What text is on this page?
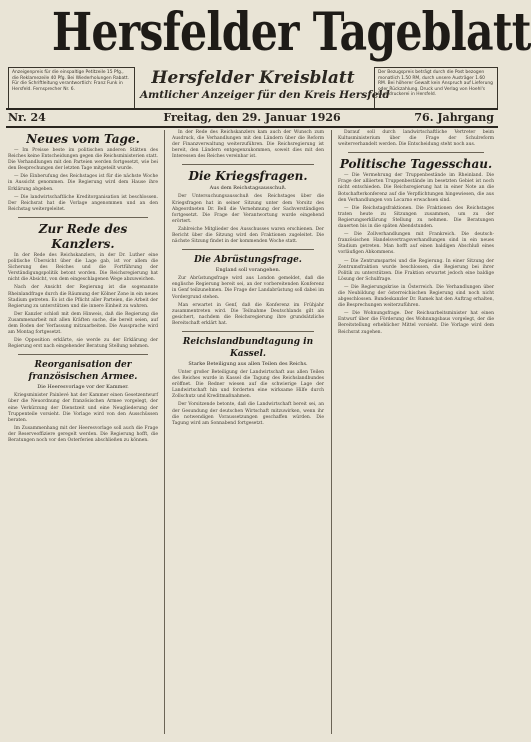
Hersfelder Tageblatt
Anzeigenpreis für die einspaltige Petitzeile 15 Pfg., die Reklamezeile 40 Pfg. Bei Wiederholungen Rabatt. Für die Schriftleitung verantwortlich: Franz Funk in Hersfeld. Fernsprecher Nr. 6.
Hersfelder Kreisblatt
Amtlicher Anzeiger für den Kreis Hersfeld
Der Bezugspreis beträgt durch die Post bezogen monatlich 1.50 RM, durch unsere Austräger 1.60 RM. Bei höherer Gewalt kein Anspruch auf Lieferung oder Rückzahlung. Druck und Verlag von Hoehl's Buchdruckerei in Hersfeld.
Nr. 24	Freitag, den 29. Januar 1926	76. Jahrgang
Neues vom Tage.

— Im Preisse beste im politischen anderen Stätten des Reiches keine Entscheidungen gegen die Reichsministerien statt. Die Verhandlungen mit den Parteien werden fortgesetzt, wie bei den Besprechungen der letzten Tage mitgeteilt wurde.

— Die Einberufung des Reichstages ist für die nächste Woche in Aussicht genommen. Die Regierung wird dem Hause ihre Erklärung abgeben.

— Die landwirtschaftliche Kreditorganisation ist beschlossen. Der Reichsrat hat die Vorlage angenommen und an den Reichstag weitergeleitet.

Zur Rede des Kanzlers.

In der Rede des Reichskanzlers, in der Dr. Luther eine politische Übersicht über die Lage gab, ist vor allem die Sicherung des Reiches und die Fortführung der Verständigungspolitik betont worden. Die Reichsregierung hat nicht die Absicht, von dem eingeschlagenen Wege abzuweichen.

Nach der Ansicht der Regierung ist die sogenannte Rheinlandfrage durch die Räumung der Kölner Zone in ein neues Stadium getreten. Es ist die Pflicht aller Parteien, die Arbeit der Regierung zu unterstützen und die innere Einheit zu wahren.

Der Kanzler schloß mit dem Hinweis, daß die Regierung die Zusammenarbeit mit allen Kräften suche, die bereit seien, auf dem Boden der Verfassung mitzuarbeiten. Die Aussprache wird am Montag fortgesetzt.

Die Opposition erklärte, sie werde zu der Erklärung der Regierung erst nach eingehender Beratung Stellung nehmen.

Reorganisation der französischen Armee.
Die Heeresvorlage vor der Kammer.

Kriegsminister Painlevé hat der Kammer einen Gesetzentwurf über die Neuordnung der französischen Armee vorgelegt, der eine Verkürzung der Dienstzeit und eine Neugliederung der Truppenteile vorsieht. Die Vorlage wird von den Ausschüssen beraten.

Im Zusammenhang mit der Heeresvorlage soll auch die Frage der Reserveoffiziere geregelt werden. Die Regierung hofft, die Beratungen noch vor den Osterferien abschließen zu können.

In der Rede des Reichskanzlers kam auch der Wunsch zum Ausdruck, die Verhandlungen mit den Ländern über die Reform der Finanzverwaltung weiterzuführen. Die Reichsregierung ist bereit, den Ländern entgegenzukommen, soweit dies mit den Interessen des Reiches vereinbar ist.

Die Kriegsfragen.
Aus dem Reichstagsausschuß.

Der Untersuchungsausschuß des Reichstages über die Kriegsfragen hat in seiner Sitzung unter dem Vorsitz des Abgeordneten Dr. Bell die Vernehmung der Sachverständigen fortgesetzt. Die Frage der Verantwortung wurde eingehend erörtert.

Zahlreiche Mitglieder des Ausschusses waren erschienen. Der Bericht über die Sitzung wird den Fraktionen zugeleitet. Die nächste Sitzung findet in der kommenden Woche statt.

Die Abrüstungsfrage.
England soll vorangehen.

Zur Abrüstungsfrage wird aus London gemeldet, daß die englische Regierung bereit sei, an der vorbereitenden Konferenz in Genf teilzunehmen. Die Frage der Landabrüstung soll dabei im Vordergrund stehen.

Man erwartet in Genf, daß die Konferenz im Frühjahr zusammentreten wird. Die Teilnahme Deutschlands gilt als gesichert, nachdem die Reichsregierung ihre grundsätzliche Bereitschaft erklärt hat.

Reichslandbundtagung in Kassel.
Starke Beteiligung aus allen Teilen des Reichs.

Unter großer Beteiligung der Landwirtschaft aus allen Teilen des Reiches wurde in Kassel die Tagung des Reichslandbundes eröffnet. Die Redner wiesen auf die schwierige Lage der Landwirtschaft hin und forderten eine wirksame Hilfe durch Zollschutz und Kreditmaßnahmen.

Der Vorsitzende betonte, daß die Landwirtschaft bereit sei, an der Gesundung der deutschen Wirtschaft mitzuwirken, wenn ihr die notwendigen Voraussetzungen geschaffen würden. Die Tagung wird am Sonnabend fortgesetzt.

Darauf soll durch landwirtschaftliche Vertreter beim Kultusministerium über die Frage der Schulreform weiterverhandelt werden. Die Entscheidung steht noch aus.

Politische Tagesschau.

— Die Vermehrung der Truppenbestände im Rheinland. Die Frage der alliierten Truppenbestände im besetzten Gebiet ist noch nicht entschieden. Die Reichsregierung hat in einer Note an die Botschafterkonferenz auf die Verpflichtungen hingewiesen, die aus den Verhandlungen von Locarno erwachsen sind.

— Die Reichstagsfraktionen. Die Fraktionen des Reichstages traten heute zu Sitzungen zusammen, um zu der Regierungserklärung Stellung zu nehmen. Die Beratungen dauerten bis in die späten Abendstunden.

— Die Zollverhandlungen mit Frankreich. Die deutsch-französischen Handelsvertragsverhandlungen sind in ein neues Stadium getreten. Man hofft auf einen baldigen Abschluß eines vorläufigen Abkommens.

— Die Zentrumspartei und die Regierung. In einer Sitzung der Zentrumsfraktion wurde beschlossen, die Regierung bei ihrer Politik zu unterstützen. Die Fraktion erwartet jedoch eine baldige Lösung der Schulfrage.

— Die Regierungskrise in Österreich. Die Verhandlungen über die Neubildung der österreichischen Regierung sind noch nicht abgeschlossen. Bundeskanzler Dr. Ramek hat den Auftrag erhalten, die Besprechungen weiterzuführen.

— Die Wohnungsfrage. Der Reichsarbeitsminister hat einen Entwurf über die Förderung des Wohnungsbaus vorgelegt, der die Bereitstellung erheblicher Mittel vorsieht. Die Vorlage wird dem Reichsrat zugehen.
